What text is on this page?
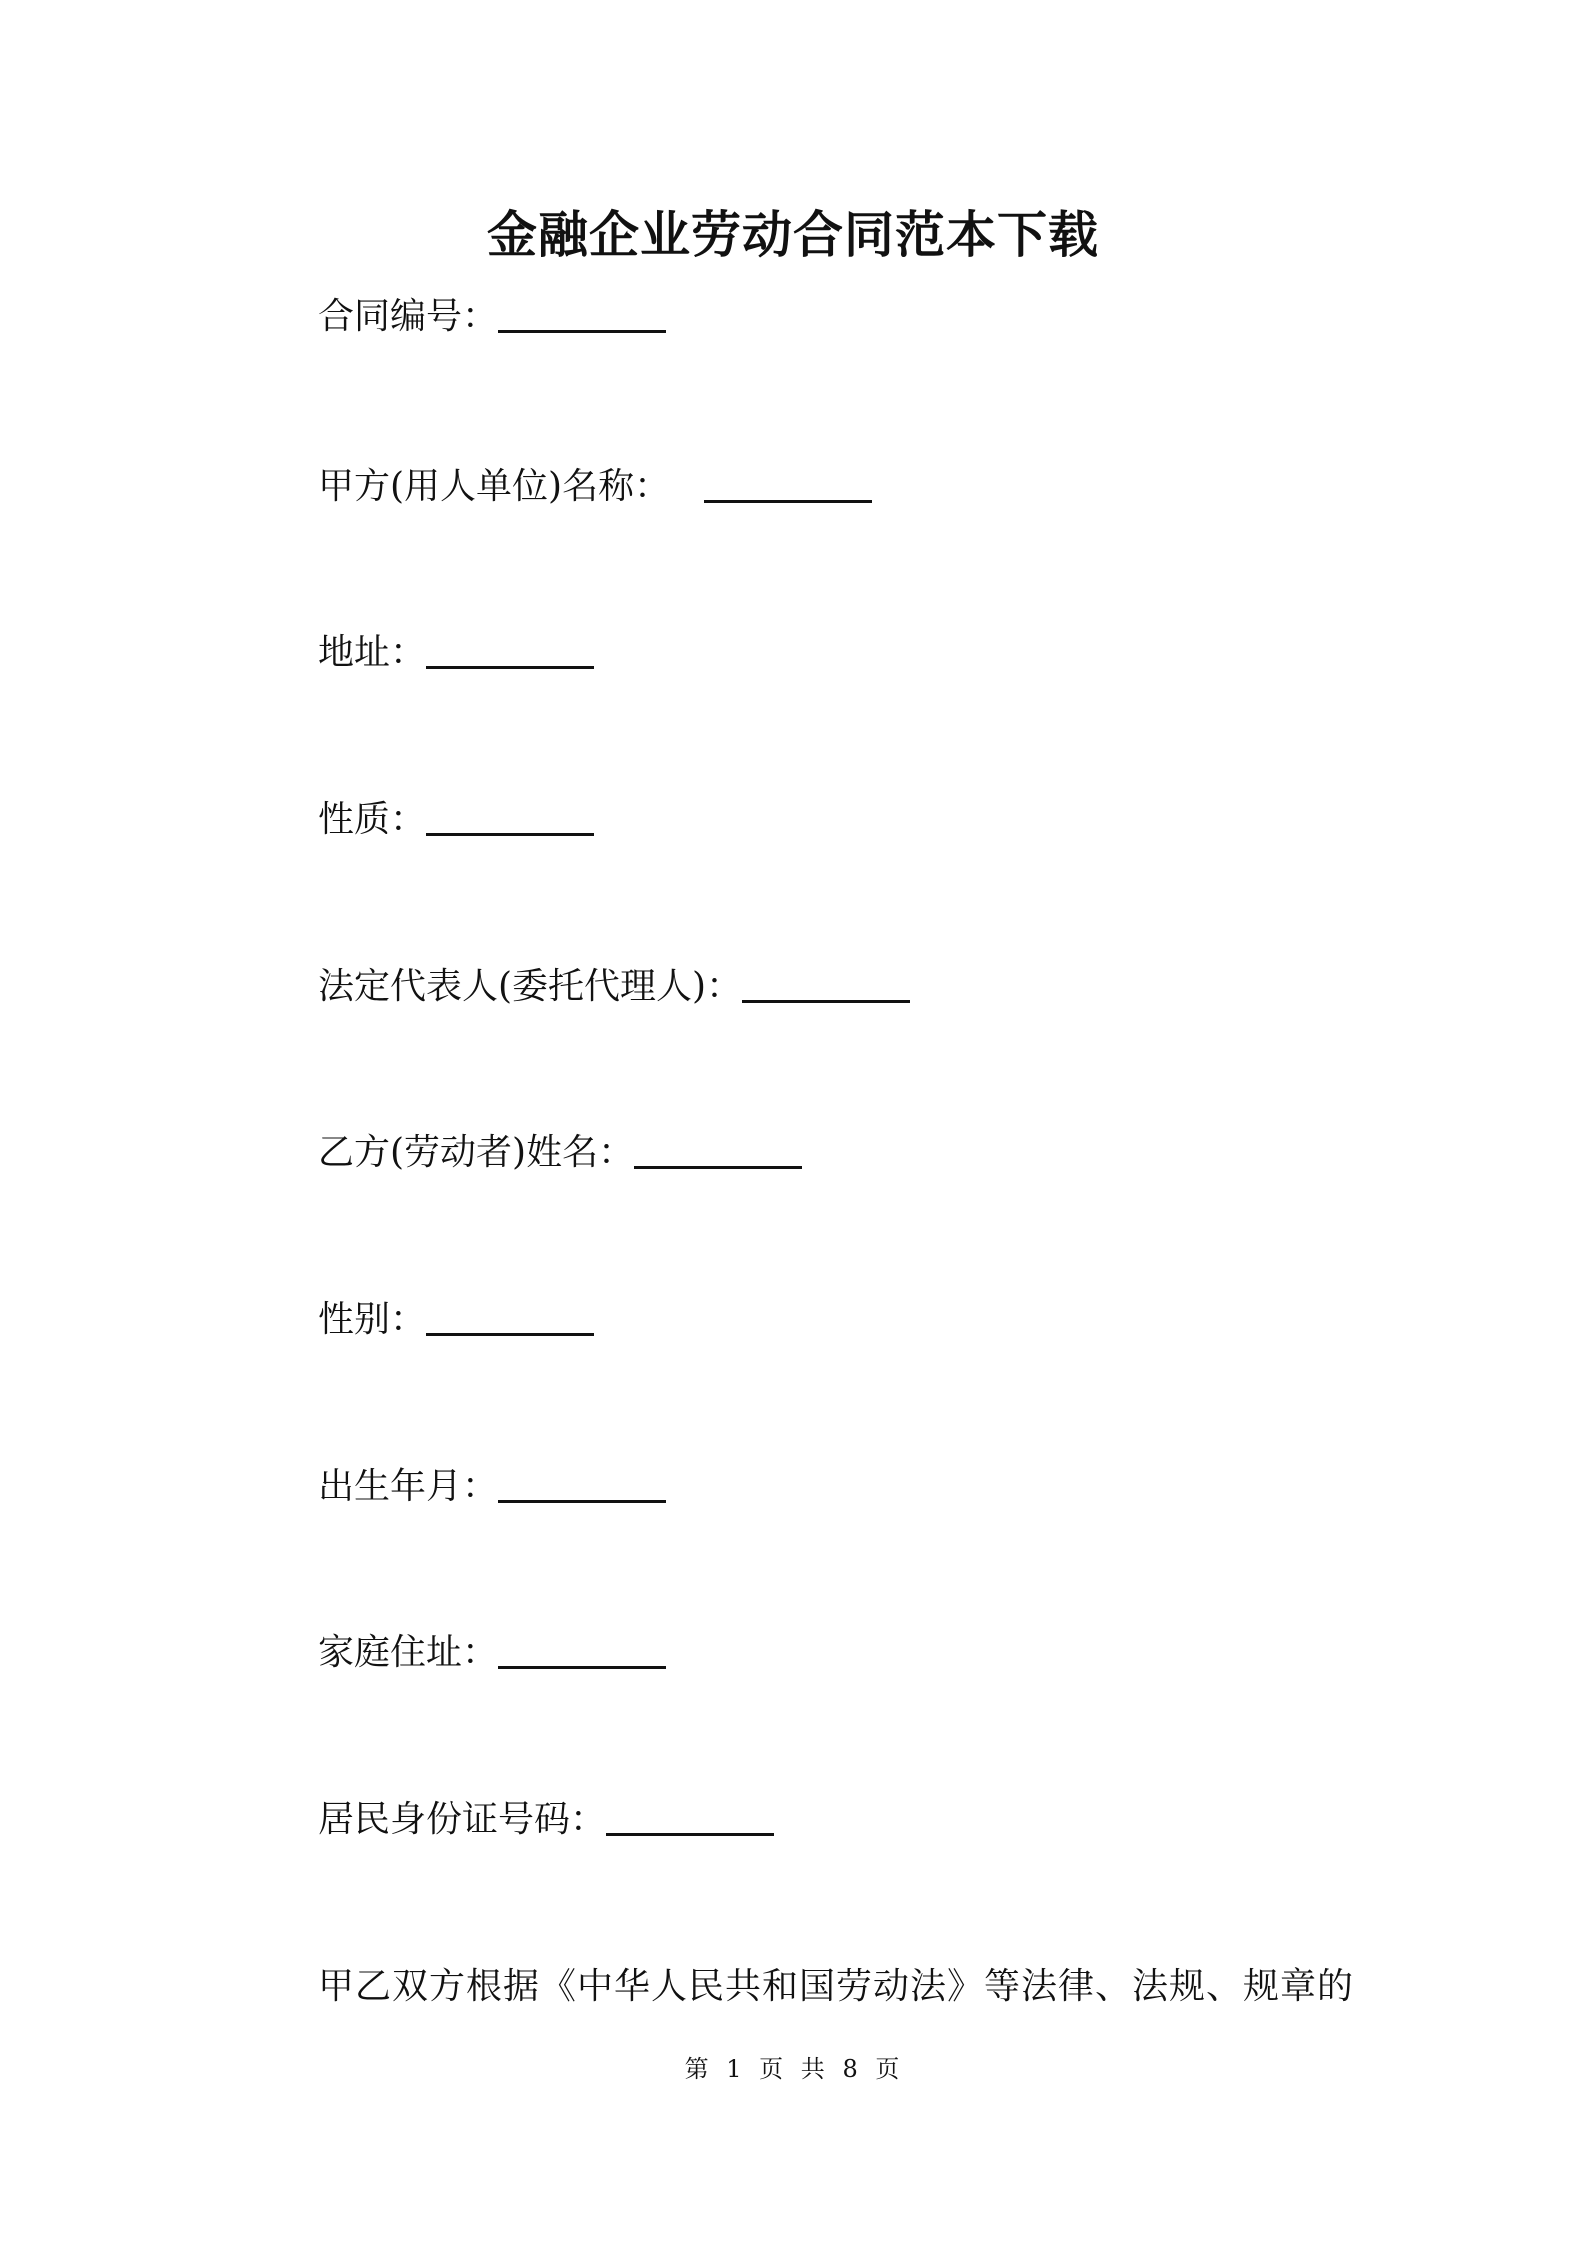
金融企业劳动合同范本下载
合同编号：
甲方(用人单位)名称：
地址：
性质：
法定代表人(委托代理人)：
乙方(劳动者)姓名：
性别：
出生年月：
家庭住址：
居民身份证号码：
甲乙双方根据《中华人民共和国劳动法》等法律、法规、规章的
第 1 页 共 8 页
